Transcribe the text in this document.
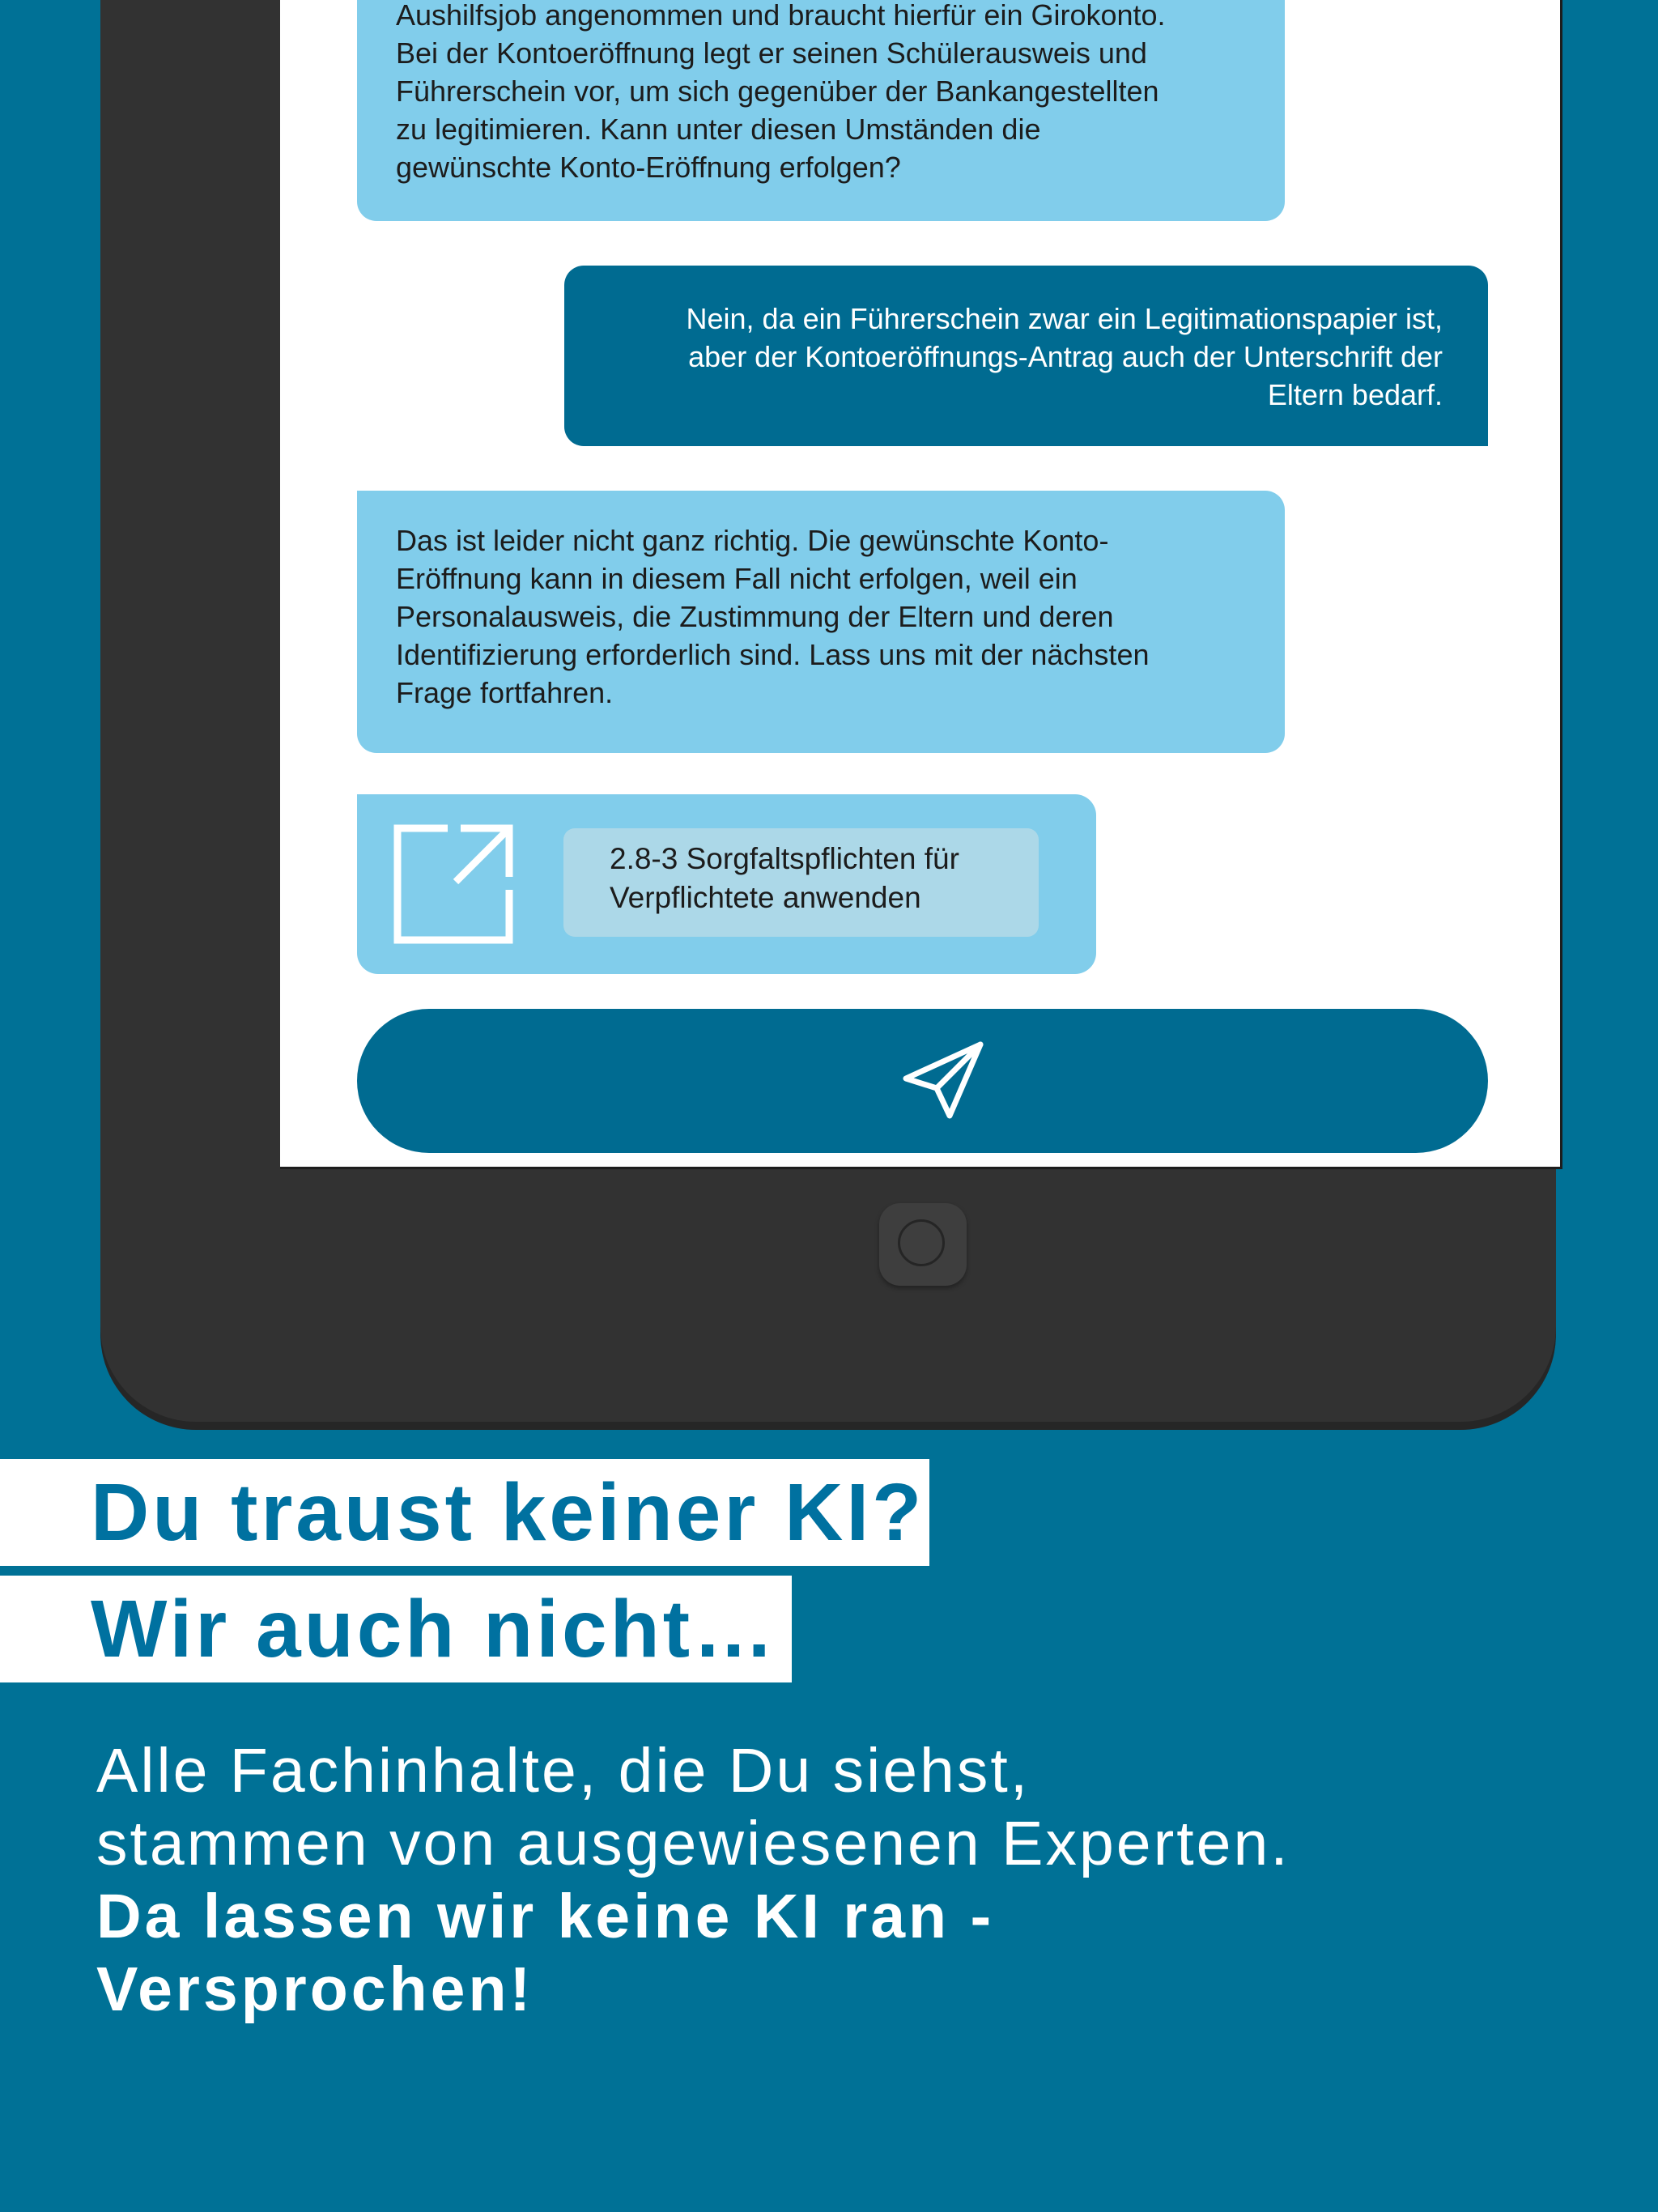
Aushilfsjob angenommen und braucht hierfür ein Girokonto.
Bei der Kontoeröffnung legt er seinen Schülerausweis und
Führerschein vor, um sich gegenüber der Bankangestellten
zu legitimieren. Kann unter diesen Umständen die
gewünschte Konto-Eröffnung erfolgen?
Nein, da ein Führerschein zwar ein Legitimationspapier ist,
aber der Kontoeröffnungs-Antrag auch der Unterschrift der
Eltern bedarf.
Das ist leider nicht ganz richtig. Die gewünschte Konto-
Eröffnung kann in diesem Fall nicht erfolgen, weil ein
Personalausweis, die Zustimmung der Eltern und deren
Identifizierung erforderlich sind. Lass uns mit der nächsten
Frage fortfahren.
2.8-3 Sorgfaltspflichten für
Verpflichtete anwenden
Du traust keiner KI?
Wir auch nicht…
Alle Fachinhalte, die Du siehst,
stammen von ausgewiesenen Experten.
Da lassen wir keine KI ran -
Versprochen!
